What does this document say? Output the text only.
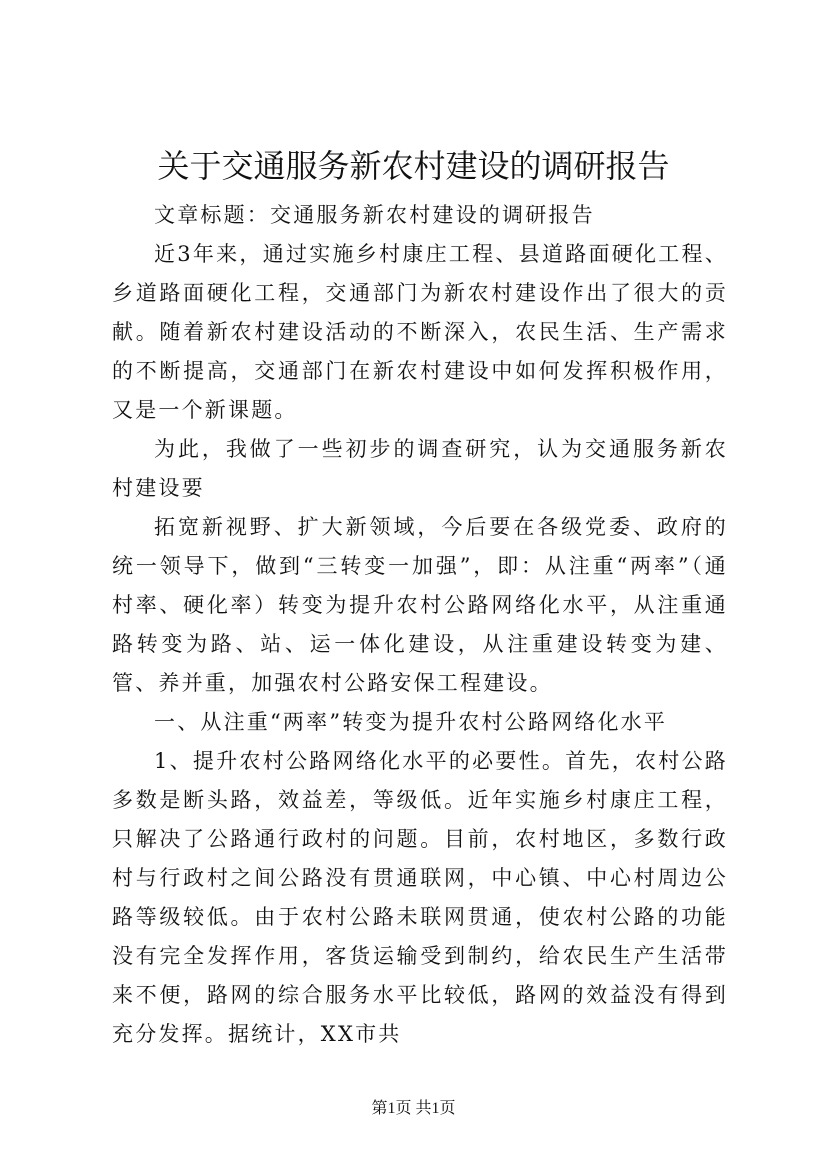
关于交通服务新农村建设的调研报告

文章标题：交通服务新农村建设的调研报告

近3年来，通过实施乡村康庄工程、县道路面硬化工程、乡道路面硬化工程，交通部门为新农村建设作出了很大的贡献。随着新农村建设活动的不断深入，农民生活、生产需求的不断提高，交通部门在新农村建设中如何发挥积极作用，又是一个新课题。

为此，我做了一些初步的调查研究，认为交通服务新农村建设要

拓宽新视野、扩大新领域，今后要在各级党委、政府的统一领导下，做到“三转变一加强”，即：从注重“两率”（通村率、硬化率）转变为提升农村公路网络化水平，从注重通路转变为路、站、运一体化建设，从注重建设转变为建、管、养并重，加强农村公路安保工程建设。

一、从注重“两率”转变为提升农村公路网络化水平

1、提升农村公路网络化水平的必要性。首先，农村公路多数是断头路，效益差，等级低。近年实施乡村康庄工程，只解决了公路通行政村的问题。目前，农村地区，多数行政村与行政村之间公路没有贯通联网，中心镇、中心村周边公路等级较低。由于农村公路未联网贯通，使农村公路的功能没有完全发挥作用，客货运输受到制约，给农民生产生活带来不便，路网的综合服务水平比较低，路网的效益没有得到充分发挥。据统计，XX市共

第1页 共1页
